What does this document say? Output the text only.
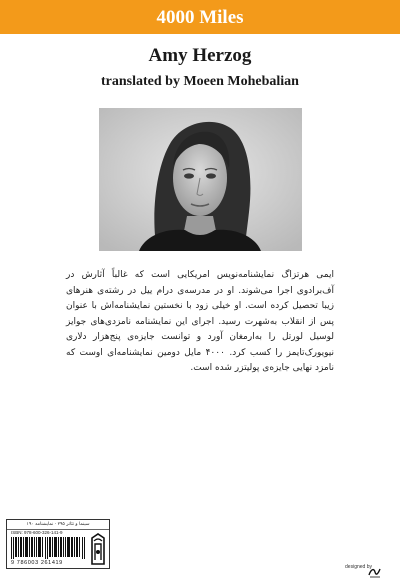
4000 Miles
Amy Herzog
translated by Moeen Mohebalian
ایمی هرتزاگ نمایشنامه‌نویس امریکایی است که غالباً آثارش در آف‌برادوی اجرا می‌شوند. او در مدرسه‌ی درام ییل در رشته‌ی هنرهای زیبا تحصیل کرده است. او خیلی زود با نخستین نمایشنامه‌اش با عنوان پس از انقلاب به‌شهرت رسید. اجرای این نمایشنامه نامزدی‌های جوایز لوسیل لورتل را به‌ارمغان آورد و توانست جایزه‌ی پنج‌هزار دلاری نیویورک‌تایمز را کسب کرد. ۴۰۰۰ مایل دومین نمایشنامه‌ای اوست که نامزد نهایی جایزه‌ی پولیتزر شده است.
سینما و تئاتر ۲۹۵ · نمایشنامه ۱۹۰
ISBN: 978-600-326-141-9
9 786003 261419
designed by
